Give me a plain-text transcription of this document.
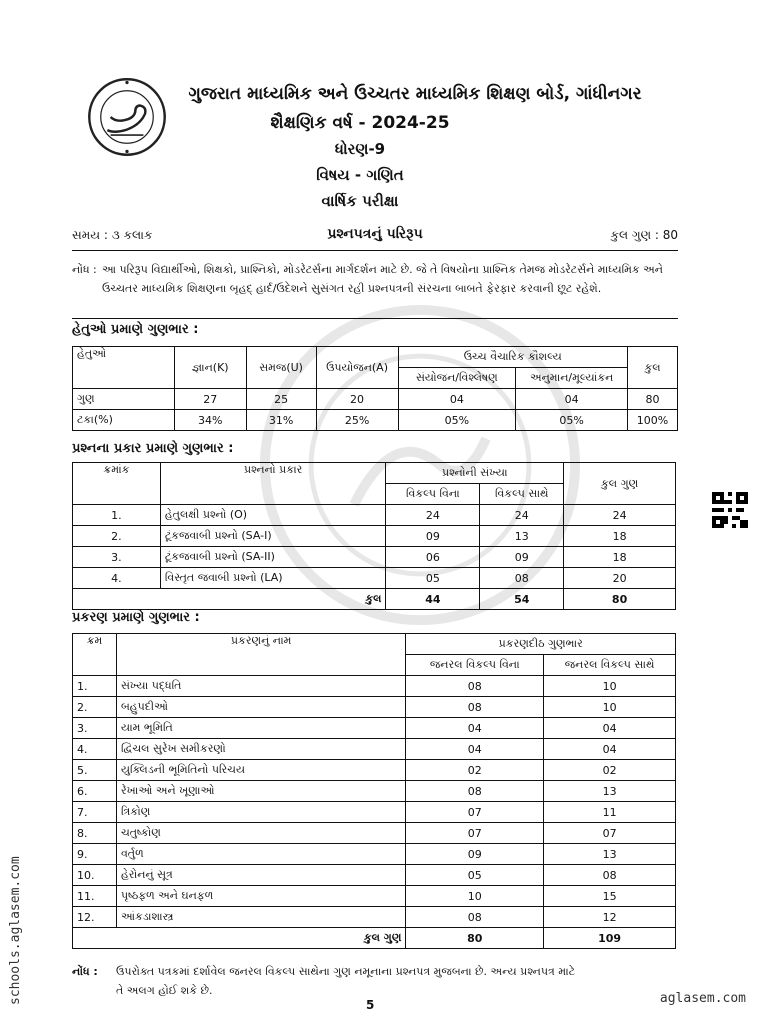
ગુજરાત માધ્યમિક અને ઉચ્ચતર માધ્યમિક શિક્ષણ બોર્ડ, ગાંધીનગર
શૈક્ષણિક વર્ષ - 2024-25
ધોરણ-9
વિષય - ગણિત
વાર્ષિક પરીક્ષા
પ્રશ્નપત્રનું પરિરૂપ
સમય : ૩ કલાક	કુલ ગુણ : 80
નોંધ : આ પરિરૂપ વિદ્યાર્થીઓ, શિક્ષકો, પ્રાશ્નિકો, મોડરેટર્સના માર્ગદર્શન માટે છે. જે તે વિષયોના પ્રાશ્નિક તેમજ મોડરેટર્સને માધ્યમિક અને ઉચ્ચતર માધ્યમિક શિક્ષણના બૃહદ્ હાર્દ/ઉદેશને સુસંગત રહી પ્રશ્નપત્રની સંરચના બાબતે ફેરફાર કરવાની છૂટ રહેશે.
હેતુઓ પ્રમાણે ગુણભાર :
હેતુઓ	જ્ઞાન(K)	સમજ(U)	ઉપયોજન(A)	ઉચ્ચ વૈચારિક કૌશલ્ય		કુલ
				સંયોજન/વિશ્લેષણ	અનુમાન/મૂલ્યાંકન	
ગુણ	27	25	20	04	04	80
ટકા(%)	34%	31%	25%	05%	05%	100%
પ્રશ્નના પ્રકાર પ્રમાણે ગુણભાર :
ક્રમાંક	પ્રશ્નનો પ્રકાર	પ્રશ્નોની સંખ્યા		કુલ ગુણ
		વિકલ્પ વિના	વિકલ્પ સાથે	
1.	હેતુલક્ષી પ્રશ્નો (O)	24	24	24
2.	ટૂંકજવાબી પ્રશ્નો (SA-I)	09	13	18
3.	ટૂંકજવાબી પ્રશ્નો (SA-II)	06	09	18
4.	વિસ્તૃત જવાબી પ્રશ્નો (LA)	05	08	20
કુલ		44	54	80
પ્રકરણ પ્રમાણે ગુણભાર :
ક્રમ	પ્રકરણનું નામ	પ્રકરણદીઠ ગુણભાર	
		જનરલ વિકલ્પ વિના	જનરલ વિકલ્પ સાથે
1.	સંખ્યા પદ્ધતિ	08	10
2.	બહુપદીઓ	08	10
3.	યામ ભૂમિતિ	04	04
4.	દ્વિચલ સુરેખ સમીકરણો	04	04
5.	યુક્લિડની ભૂમિતિનો પરિચય	02	02
6.	રેખાઓ અને ખૂણાઓ	08	13
7.	ત્રિકોણ	07	11
8.	ચતુષ્કોણ	07	07
9.	વર્તુળ	09	13
10.	હેરોનનું સૂત્ર	05	08
11.	પૃષ્ઠફળ અને ઘનફળ	10	15
12.	આંકડાશાસ્ત્ર	08	12
કુલ ગુણ		80	109
નોંધ : ઉપરોક્ત પત્રકમાં દર્શાવેલ જનરલ વિકલ્પ સાથેના ગુણ નમૂનાના પ્રશ્નપત્ર મુજબના છે. અન્ય પ્રશ્નપત્ર માટે તે અલગ હોઈ શકે છે.
5
schools.aglasem.com	aglasem.com
